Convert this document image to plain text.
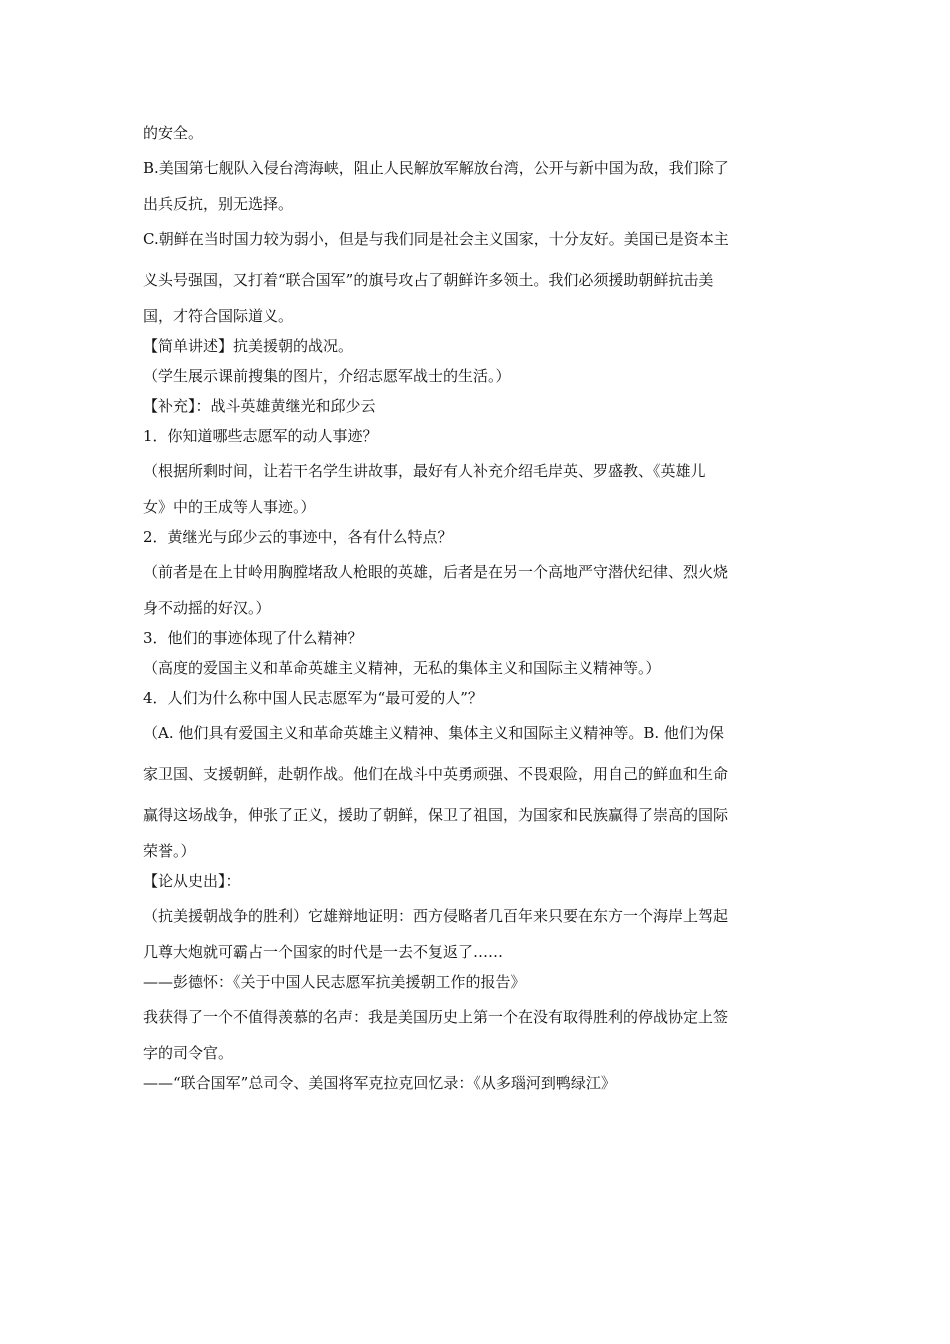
的安全。
B.美国第七舰队入侵台湾海峡，阻止人民解放军解放台湾，公开与新中国为敌，我们除了
出兵反抗，别无选择。
C.朝鲜在当时国力较为弱小，但是与我们同是社会主义国家，十分友好。美国已是资本主
义头号强国，又打着“联合国军”的旗号攻占了朝鲜许多领土。我们必须援助朝鲜抗击美
国，才符合国际道义。
【简单讲述】抗美援朝的战况。
（学生展示课前搜集的图片，介绍志愿军战士的生活。）
【补充】：战斗英雄黄继光和邱少云
1．你知道哪些志愿军的动人事迹？
（根据所剩时间，让若干名学生讲故事，最好有人补充介绍毛岸英、罗盛教、《英雄儿
女》中的王成等人事迹。）
2．黄继光与邱少云的事迹中，各有什么特点？
（前者是在上甘岭用胸膛堵敌人枪眼的英雄，后者是在另一个高地严守潜伏纪律、烈火烧
身不动摇的好汉。）
3．他们的事迹体现了什么精神？
（高度的爱国主义和革命英雄主义精神，无私的集体主义和国际主义精神等。）
4．人们为什么称中国人民志愿军为“最可爱的人”？
（A. 他们具有爱国主义和革命英雄主义精神、集体主义和国际主义精神等。B. 他们为保
家卫国、支援朝鲜，赴朝作战。他们在战斗中英勇顽强、不畏艰险，用自己的鲜血和生命
赢得这场战争，伸张了正义，援助了朝鲜，保卫了祖国，为国家和民族赢得了崇高的国际
荣誉。）
【论从史出】：
（抗美援朝战争的胜利）它雄辩地证明：西方侵略者几百年来只要在东方一个海岸上驾起
几尊大炮就可霸占一个国家的时代是一去不复返了……
——彭德怀：《关于中国人民志愿军抗美援朝工作的报告》
我获得了一个不值得羡慕的名声：我是美国历史上第一个在没有取得胜利的停战协定上签
字的司令官。
——“联合国军”总司令、美国将军克拉克回忆录：《从多瑙河到鸭绿江》
